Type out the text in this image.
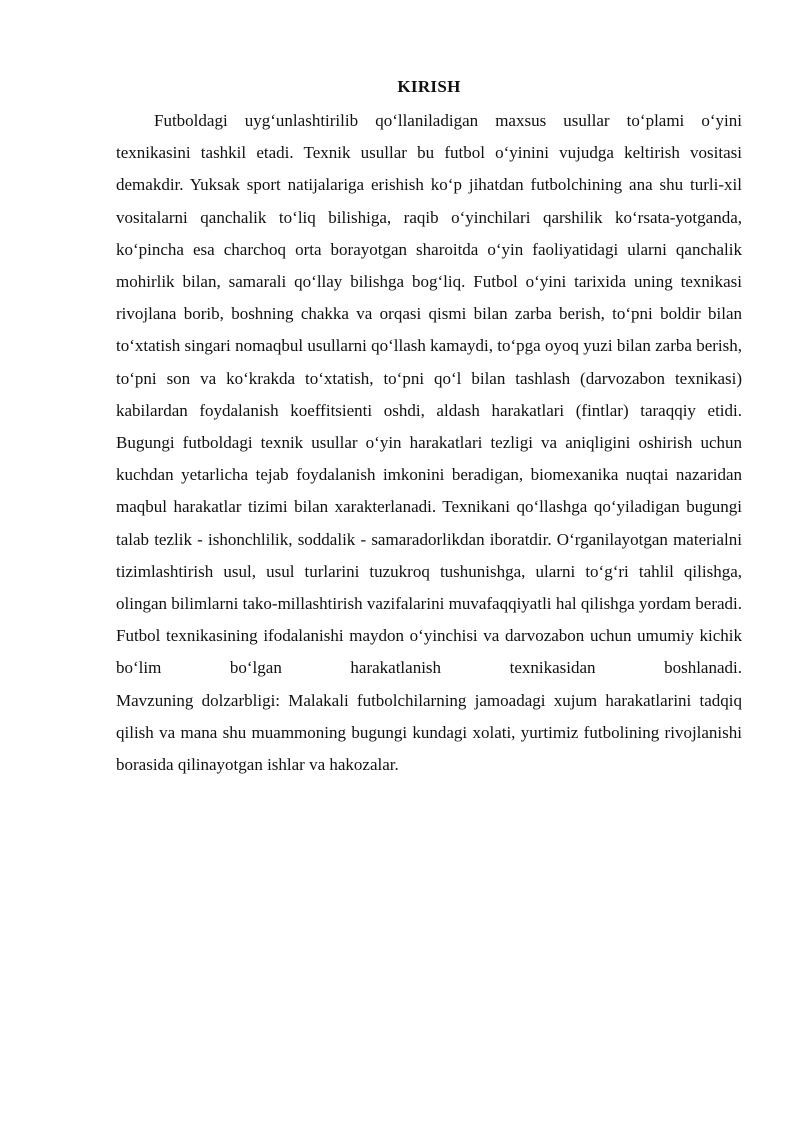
KIRISH

Futboldagi uyg‘unlashtirilib qo‘llaniladigan maxsus usullar to‘plami o‘yini texnikasini tashkil etadi. Texnik usullar bu futbol o‘yinini vujudga keltirish vositasi demakdir. Yuksak sport natijalariga erishish ko‘p jihatdan futbolchining ana shu turli-xil vositalarni qanchalik to‘liq bilishiga, raqib o‘yinchilari qarshilik ko‘rsata-yotganda, ko‘pincha esa charchoq orta borayotgan sharoitda o‘yin faoliyatidagi ularni qanchalik mohirlik bilan, samarali qo‘llay bilishga bog‘liq. Futbol o‘yini tarixida uning texnikasi rivojlana borib, boshning chakka va orqasi qismi bilan zarba berish, to‘pni boldir bilan to‘xtatish singari nomaqbul usullarni qo‘llash kamaydi, to‘pga oyoq yuzi bilan zarba berish, to‘pni son va ko‘krakda to‘xtatish, to‘pni qo‘l bilan tashlash (darvozabon texnikasi) kabilardan foydalanish koeffitsienti oshdi, aldash harakatlari (fintlar) taraqqiy etidi. Bugungi futboldagi texnik usullar o‘yin harakatlari tezligi va aniqligini oshirish uchun kuchdan yetarlicha tejab foydalanish imkonini beradigan, biomexanika nuqtai nazaridan maqbul harakatlar tizimi bilan xarakterlanadi. Texnikani qo‘llashga qo‘yiladigan bugungi talab tezlik - ishonchlilik, soddalik - samaradorlikdan iboratdir. O‘rganilayotgan materialni tizimlashtirish usul, usul turlarini tuzukroq tushunishga, ularni to‘g‘ri tahlil qilishga, olingan bilimlarni tako-millashtirish vazifalarini muvafaqqiyatli hal qilishga yordam beradi.

Futbol texnikasining ifodalanishi maydon o‘yinchisi va darvozabon uchun umumiy kichik bo‘lim bo‘lgan harakatlanish texnikasidan boshlanadi.

Mavzuning dolzarbligi: Malakali futbolchilarning jamoadagi xujum harakatlarini tadqiq qilish va mana shu muammoning bugungi kundagi xolati, yurtimiz futbolining rivojlanishi borasida qilinayotgan ishlar va hakozalar.
